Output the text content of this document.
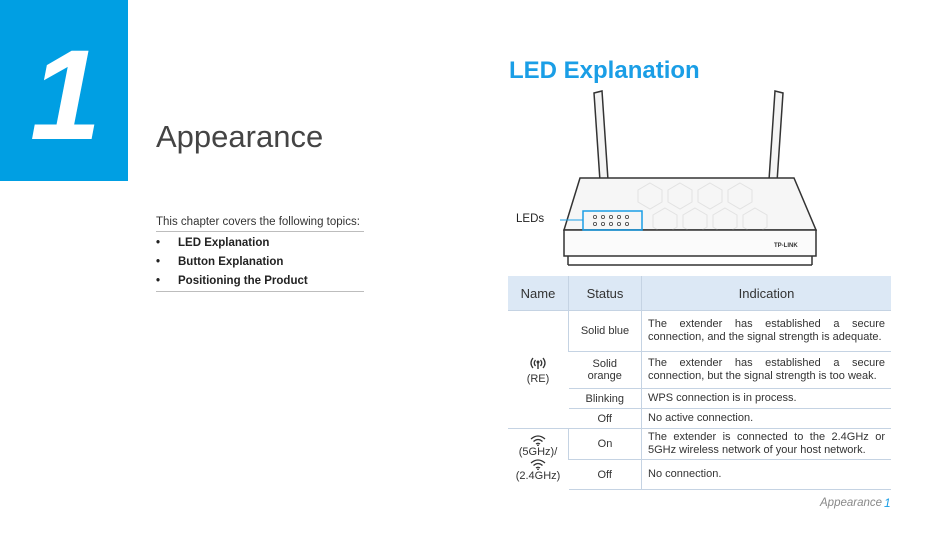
1 Appearance
This chapter covers the following topics:
•	LED Explanation
•	Button Explanation
•	Positioning the Product
LED Explanation
TP-LINK
LEDs
Name	Status	Indication

(RE)	Solid blue	The extender has established a secure connection, and the signal strength is adequate.
	Solid orange	The extender has established a secure connection, but the signal strength is too weak.
	Blinking	WPS connection is in process.
	Off	No active connection.

(5GHz)/
(2.4GHz)	On	The extender is connected to the 2.4GHz or 5GHz wireless network of your host network.
	Off	No connection.
Appearance 1
